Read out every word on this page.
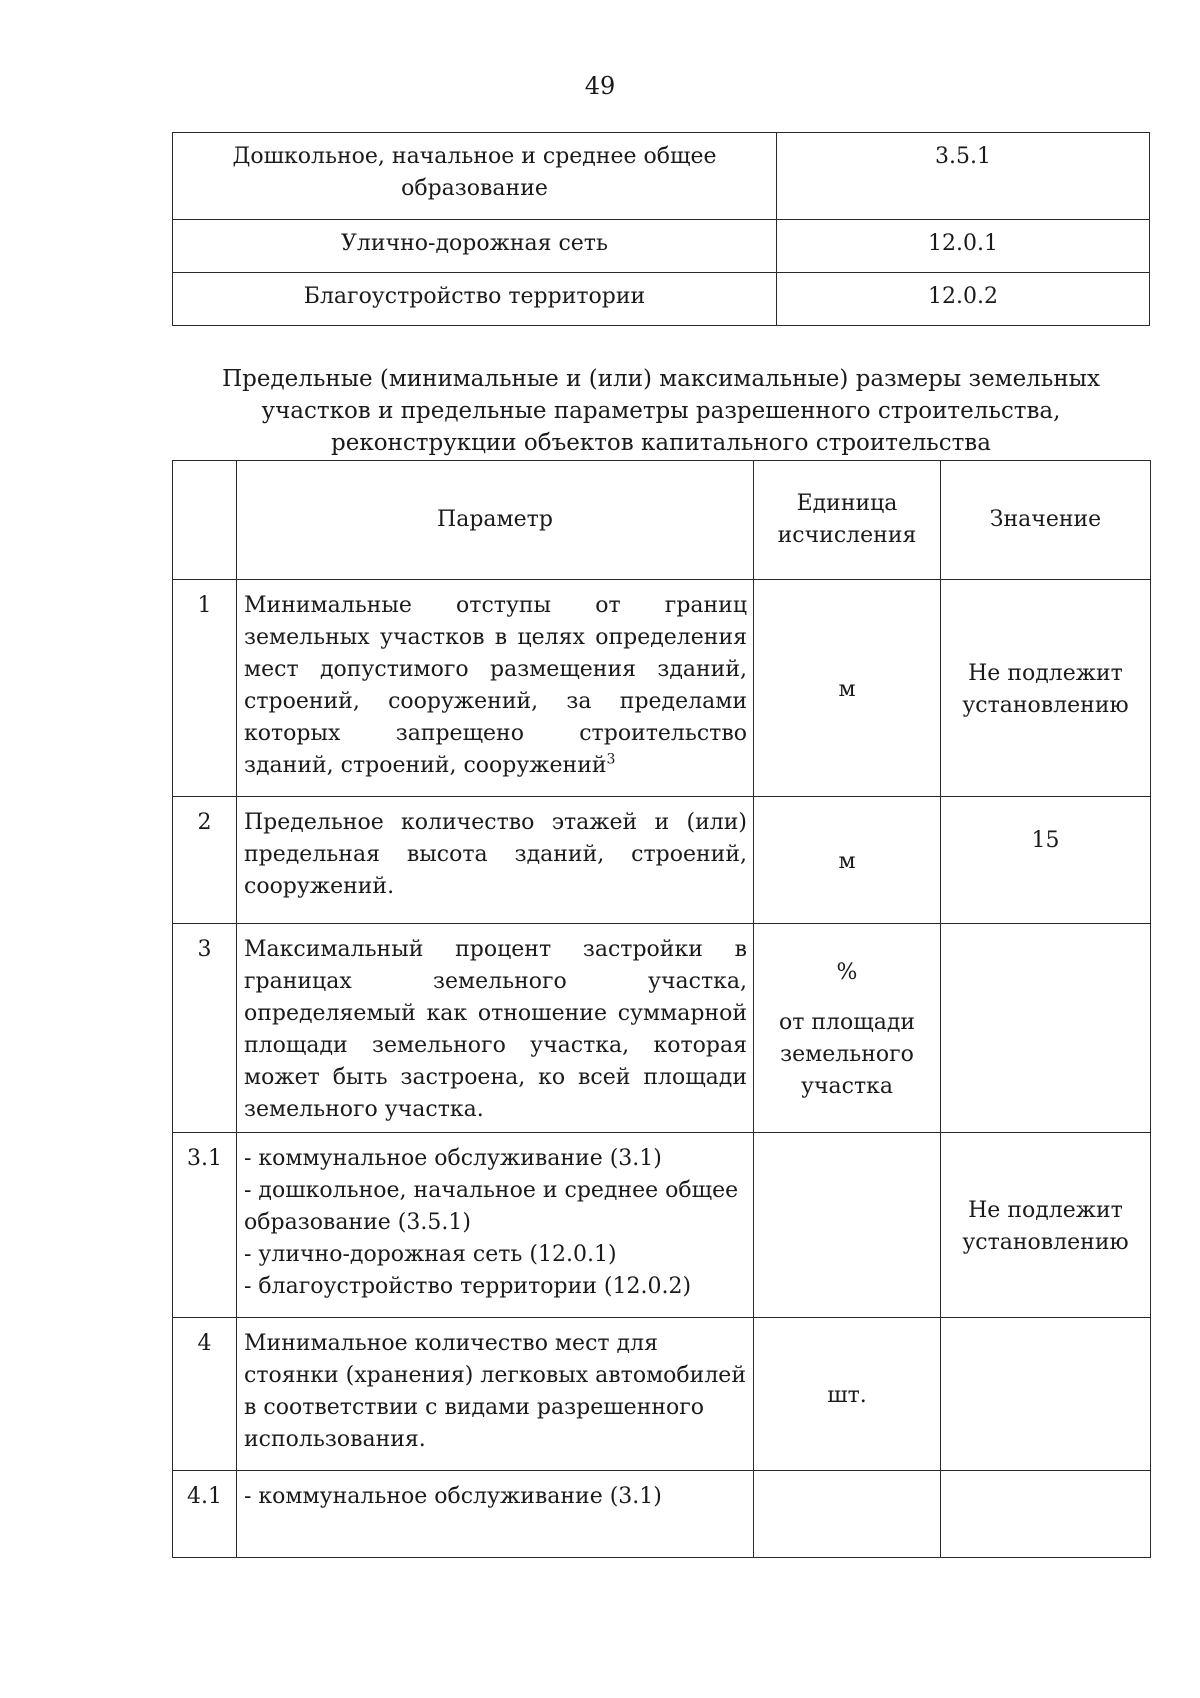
49
Дошкольное, начальное и среднее общее образование	3.5.1
Улично-дорожная сеть	12.0.1
Благоустройство территории	12.0.2
Предельные (минимальные и (или) максимальные) размеры земельных
участков и предельные параметры разрешенного строительства,
реконструкции объектов капитального строительства
	Параметр	Единица исчисления	Значение
1	Минимальные отступы от границ земельных участков в целях определения мест допустимого размещения зданий, строений, сооружений, за пределами которых запрещено строительство зданий, строений, сооружений$^3$	м	Не подлежит установлению
2	Предельное количество этажей и (или) предельная высота зданий, строений, сооружений.	м	15
3	Максимальный процент застройки в границах земельного участка, определяемый как отношение суммарной площади земельного участка, которая может быть застроена, ко всей площади земельного участка.	%
от площади земельного участка	

3.1	- коммунальное обслуживание (3.1)
- дошкольное, начальное и среднее общее образование (3.5.1)
- улично-дорожная сеть (12.0.1)
- благоустройство территории (12.0.2)		Не подлежит установлению
4	Минимальное количество мест для стоянки (хранения) легковых автомобилей в соответствии с видами разрешенного использования.	шт.	
4.1	- коммунальное обслуживание (3.1)		
